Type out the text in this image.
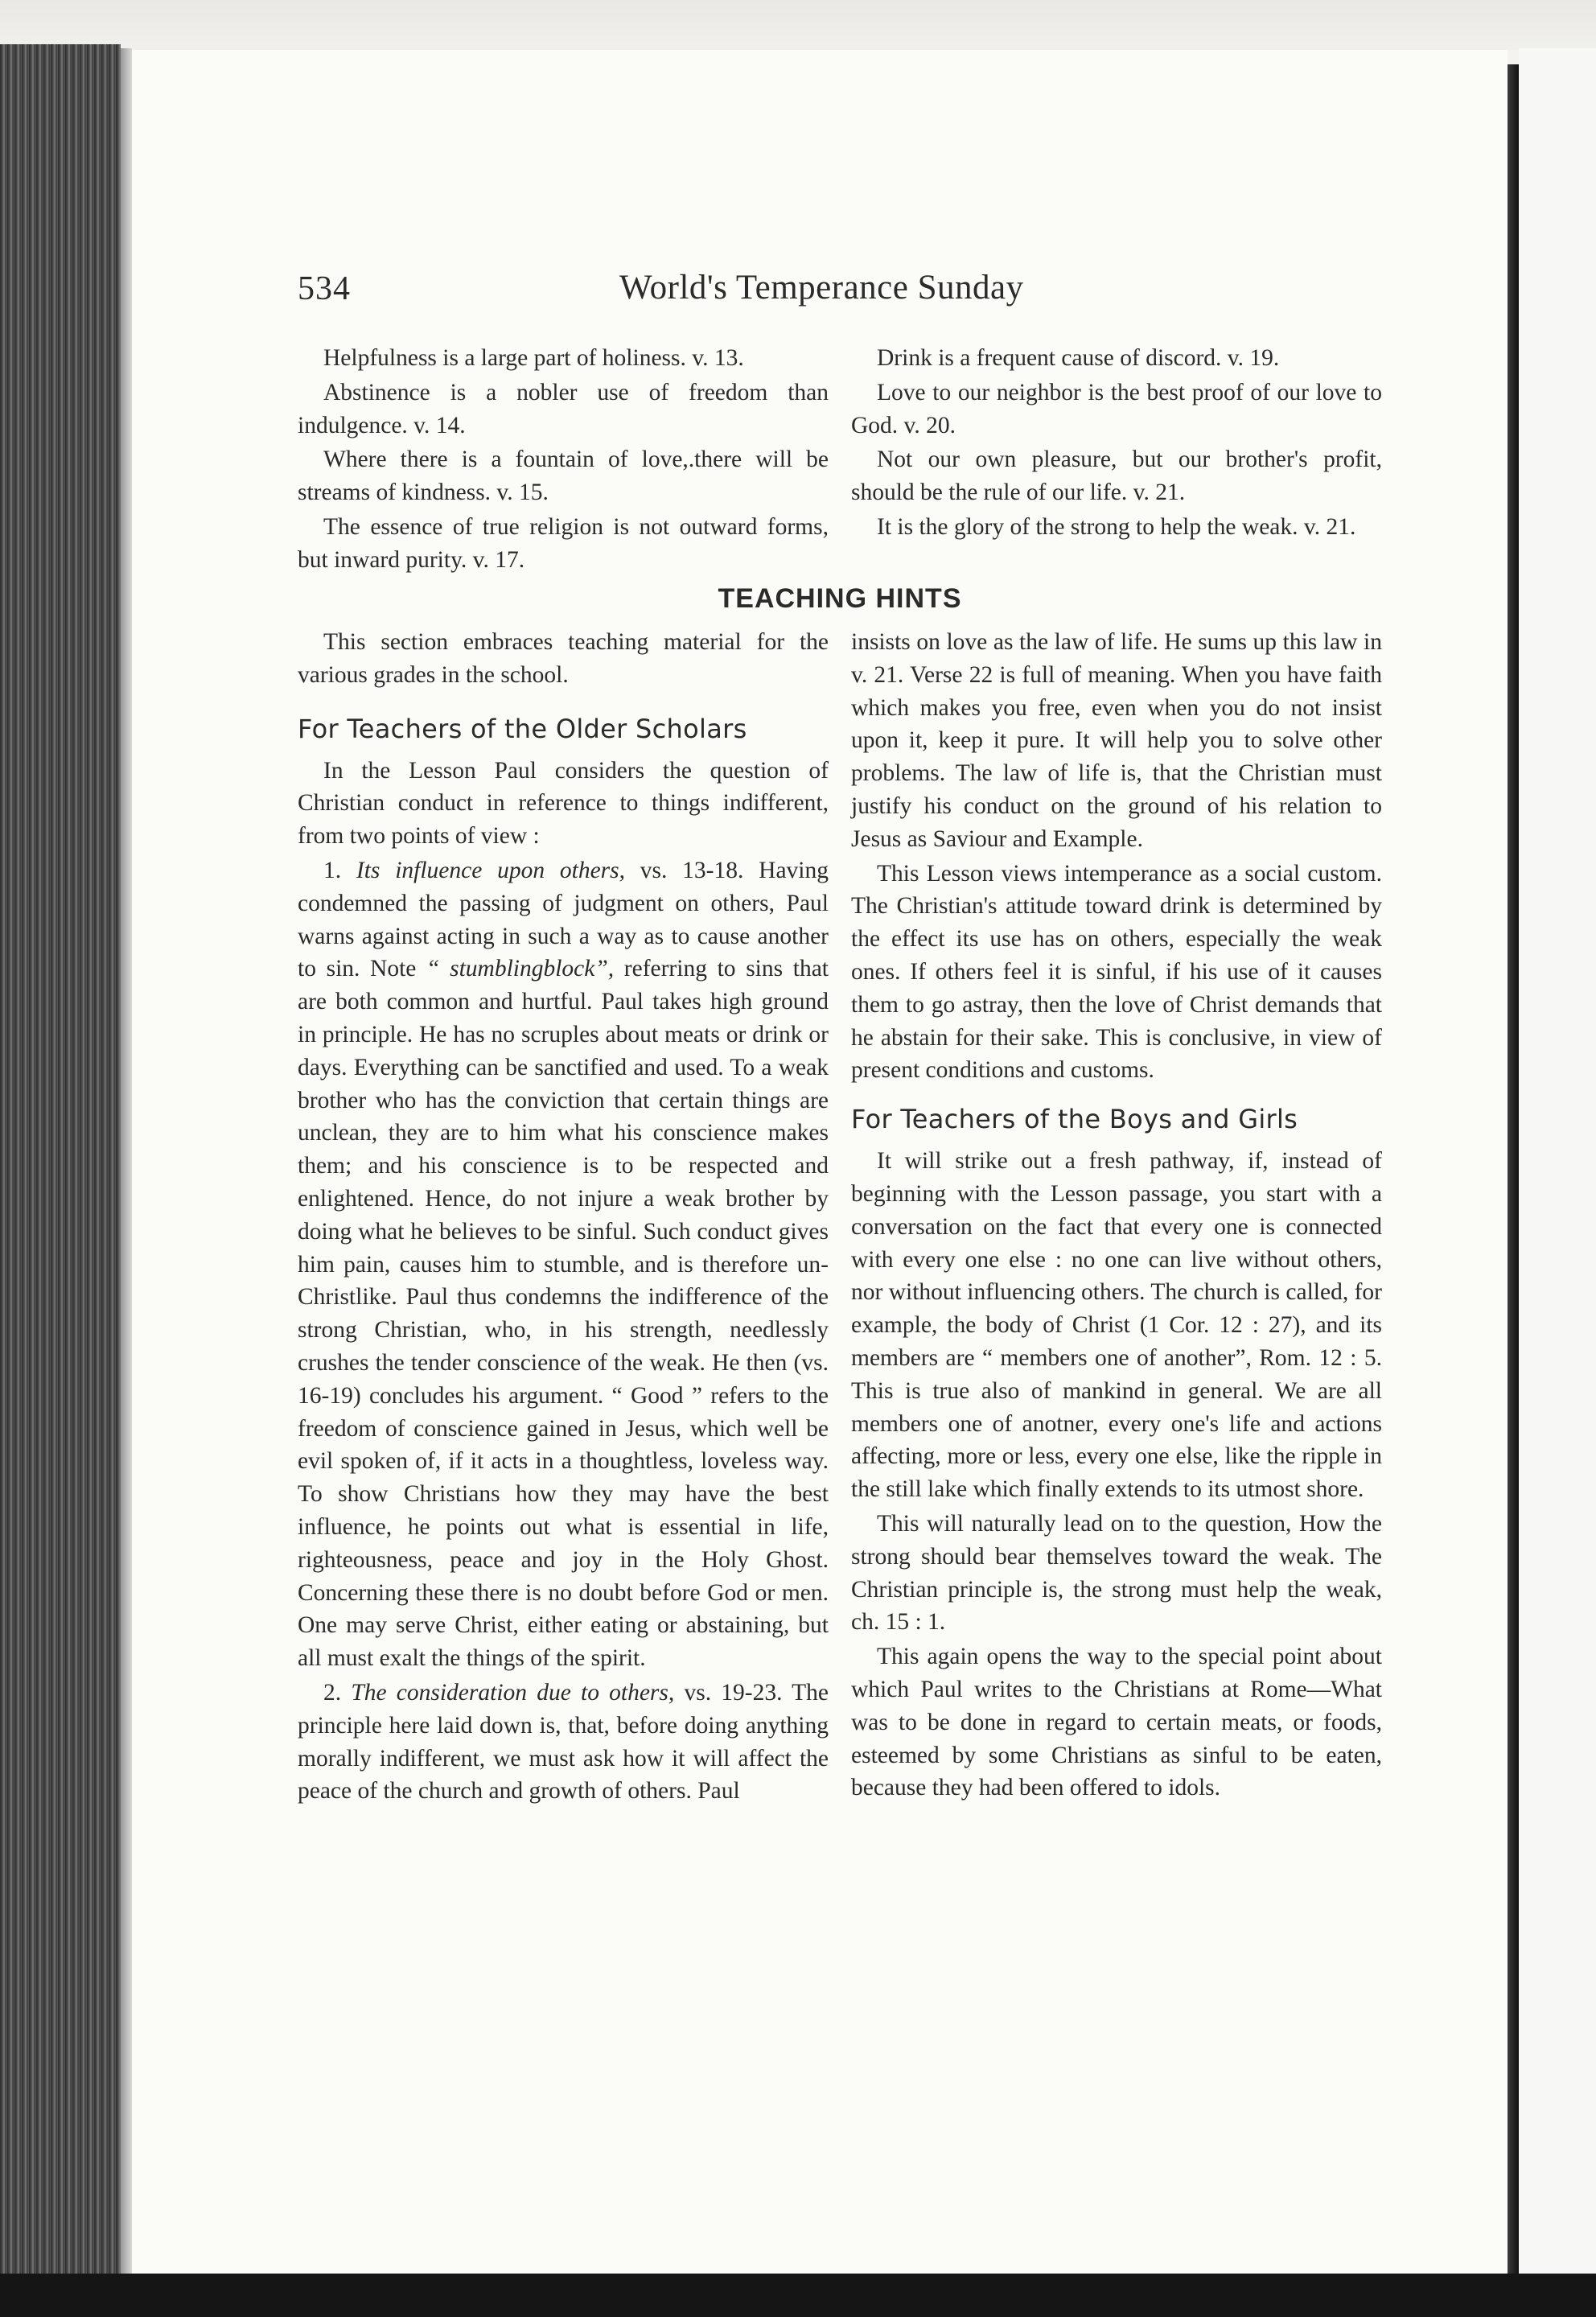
534	World's Temperance Sunday

Helpfulness is a large part of holiness. v. 13.

Abstinence is a nobler use of freedom than indulgence. v. 14.

Where there is a fountain of love,.there will be streams of kindness. v. 15.

The essence of true religion is not outward forms, but inward purity. v. 17.

Drink is a frequent cause of discord. v. 19.

Love to our neighbor is the best proof of our love to God. v. 20.

Not our own pleasure, but our brother's profit, should be the rule of our life. v. 21.

It is the glory of the strong to help the weak. v. 21.

TEACHING HINTS

This section embraces teaching material for the various grades in the school.

For Teachers of the Older Scholars

In the Lesson Paul considers the question of Christian conduct in reference to things indifferent, from two points of view :

1. Its influence upon others, vs. 13-18. Having condemned the passing of judgment on others, Paul warns against acting in such a way as to cause another to sin. Note “ stumblingblock”, referring to sins that are both common and hurtful. Paul takes high ground in principle. He has no scruples about meats or drink or days. Everything can be sanctified and used. To a weak brother who has the conviction that certain things are unclean, they are to him what his conscience makes them; and his conscience is to be respected and enlightened. Hence, do not injure a weak brother by doing what he believes to be sinful. Such conduct gives him pain, causes him to stumble, and is therefore un-Christlike. Paul thus condemns the indifference of the strong Christian, who, in his strength, needlessly crushes the tender conscience of the weak. He then (vs. 16-19) concludes his argument. “ Good ” refers to the freedom of conscience gained in Jesus, which well be evil spoken of, if it acts in a thoughtless, loveless way. To show Christians how they may have the best influence, he points out what is essential in life, righteousness, peace and joy in the Holy Ghost. Concerning these there is no doubt before God or men. One may serve Christ, either eating or abstaining, but all must exalt the things of the spirit.

2. The consideration due to others, vs. 19-23. The principle here laid down is, that, before doing anything morally indifferent, we must ask how it will affect the peace of the church and growth of others. Paul

insists on love as the law of life. He sums up this law in v. 21. Verse 22 is full of meaning. When you have faith which makes you free, even when you do not insist upon it, keep it pure. It will help you to solve other problems. The law of life is, that the Christian must justify his conduct on the ground of his relation to Jesus as Saviour and Example.

This Lesson views intemperance as a social custom. The Christian's attitude toward drink is determined by the effect its use has on others, especially the weak ones. If others feel it is sinful, if his use of it causes them to go astray, then the love of Christ demands that he abstain for their sake. This is conclusive, in view of present conditions and customs.

For Teachers of the Boys and Girls

It will strike out a fresh pathway, if, instead of beginning with the Lesson passage, you start with a conversation on the fact that every one is connected with every one else : no one can live without others, nor without influencing others. The church is called, for example, the body of Christ (1 Cor. 12 : 27), and its members are “ members one of another”, Rom. 12 : 5. This is true also of mankind in general. We are all members one of anotner, every one's life and actions affecting, more or less, every one else, like the ripple in the still lake which finally extends to its utmost shore.

This will naturally lead on to the question, How the strong should bear themselves toward the weak. The Christian principle is, the strong must help the weak, ch. 15 : 1.

This again opens the way to the special point about which Paul writes to the Christians at Rome—What was to be done in regard to certain meats, or foods, esteemed by some Christians as sinful to be eaten, because they had been offered to idols.
